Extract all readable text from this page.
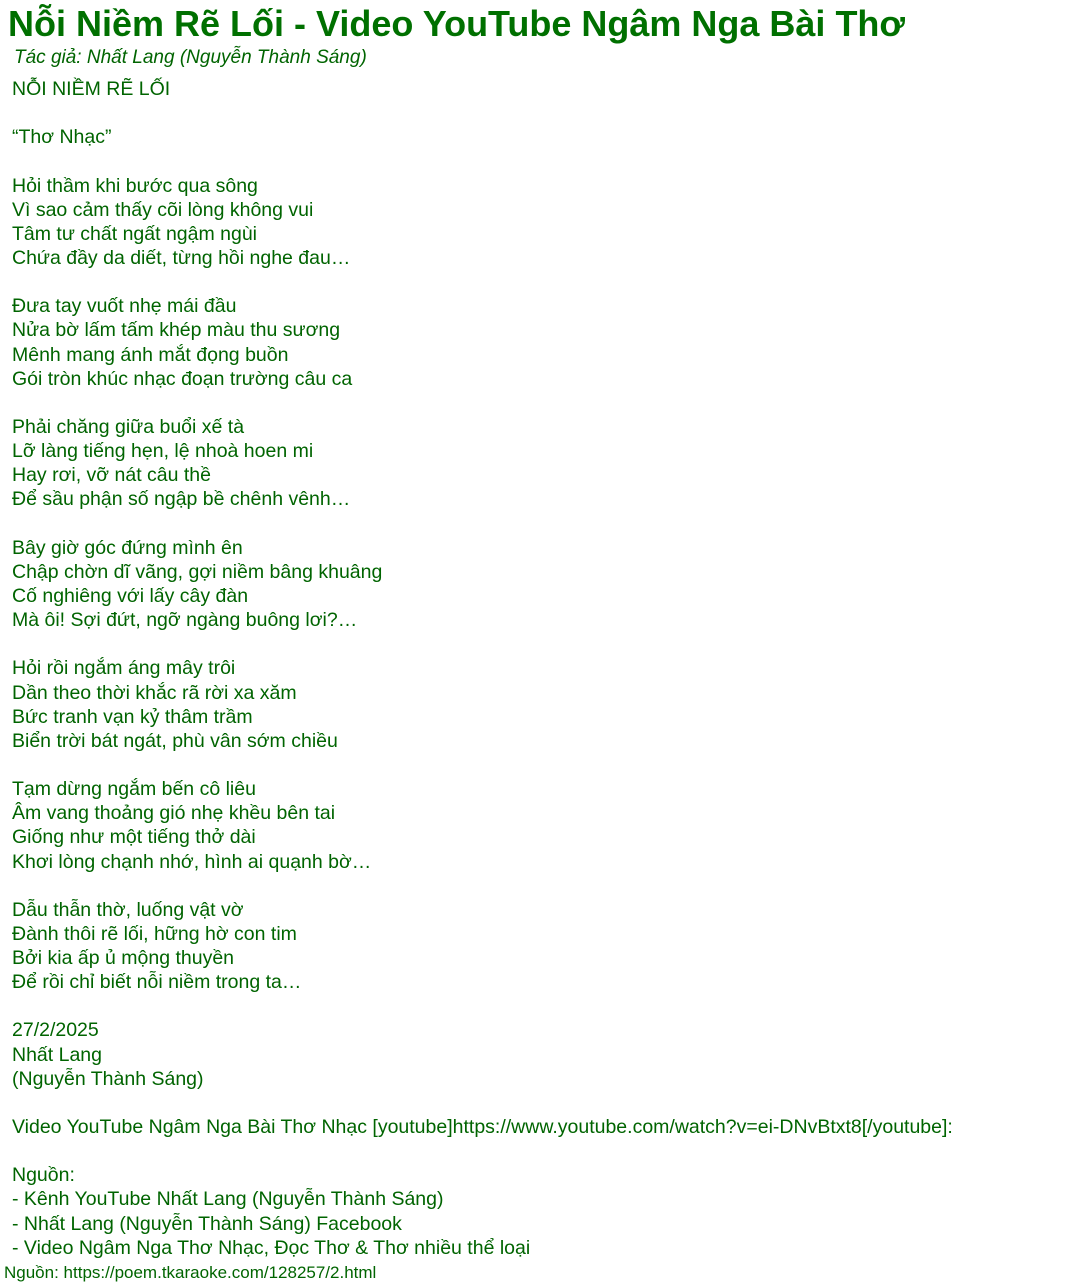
Nỗi Niềm Rẽ Lối - Video YouTube Ngâm Nga Bài Thơ
Tác giả: Nhất Lang (Nguyễn Thành Sáng)
NỖI NIỀM RẼ LỐI
“Thơ Nhạc”
Hỏi thầm khi bước qua sông
Vì sao cảm thấy cõi lòng không vui
Tâm tư chất ngất ngậm ngùi
Chứa đầy da diết, từng hồi nghe đau…
Đưa tay vuốt nhẹ mái đầu
Nửa bờ lấm tấm khép màu thu sương
Mênh mang ánh mắt đọng buồn
Gói tròn khúc nhạc đoạn trường câu ca
Phải chăng giữa buổi xế tà
Lỡ làng tiếng hẹn, lệ nhoà hoen mi
Hay rơi, vỡ nát câu thề
Để sầu phận số ngập bề chênh vênh…
Bây giờ góc đứng mình ên
Chập chờn dĩ vãng, gợi niềm bâng khuâng
Cố nghiêng với lấy cây đàn
Mà ôi! Sợi đứt, ngỡ ngàng buông lơi?…
Hỏi rồi ngắm áng mây trôi
Dần theo thời khắc rã rời xa xăm
Bức tranh vạn kỷ thâm trầm
Biển trời bát ngát, phù vân sớm chiều
Tạm dừng ngắm bến cô liêu
Âm vang thoảng gió nhẹ khều bên tai
Giống như một tiếng thở dài
Khơi lòng chạnh nhớ, hình ai quạnh bờ…
Dẫu thẫn thờ, luống vật vờ
Đành thôi rẽ lối, hững hờ con tim
Bởi kia ấp ủ mộng thuyền
Để rồi chỉ biết nỗi niềm trong ta…
27/2/2025
Nhất Lang
(Nguyễn Thành Sáng)
Video YouTube Ngâm Nga Bài Thơ Nhạc [youtube]https://www.youtube.com/watch?v=ei-DNvBtxt8[/youtube]:
Nguồn:
- Kênh YouTube Nhất Lang (Nguyễn Thành Sáng)
- Nhất Lang (Nguyễn Thành Sáng) Facebook
- Video Ngâm Nga Thơ Nhạc, Đọc Thơ & Thơ nhiều thể loại
Nguồn: https://poem.tkaraoke.com/128257/2.html
